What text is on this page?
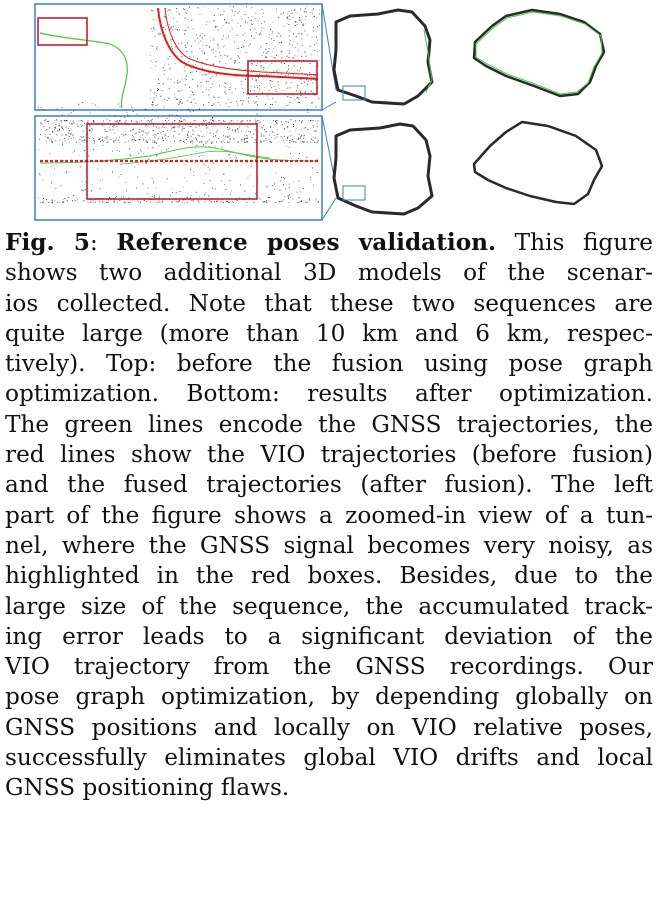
Fig. 5: Reference poses validation. This figure
shows two additional 3D models of the scenar-
ios collected. Note that these two sequences are
quite large (more than 10 km and 6 km, respec-
tively). Top: before the fusion using pose graph
optimization. Bottom: results after optimization.
The green lines encode the GNSS trajectories, the
red lines show the VIO trajectories (before fusion)
and the fused trajectories (after fusion). The left
part of the figure shows a zoomed-in view of a tun-
nel, where the GNSS signal becomes very noisy, as
highlighted in the red boxes. Besides, due to the
large size of the sequence, the accumulated track-
ing error leads to a significant deviation of the
VIO trajectory from the GNSS recordings. Our
pose graph optimization, by depending globally on
GNSS positions and locally on VIO relative poses,
successfully eliminates global VIO drifts and local
GNSS positioning flaws.
